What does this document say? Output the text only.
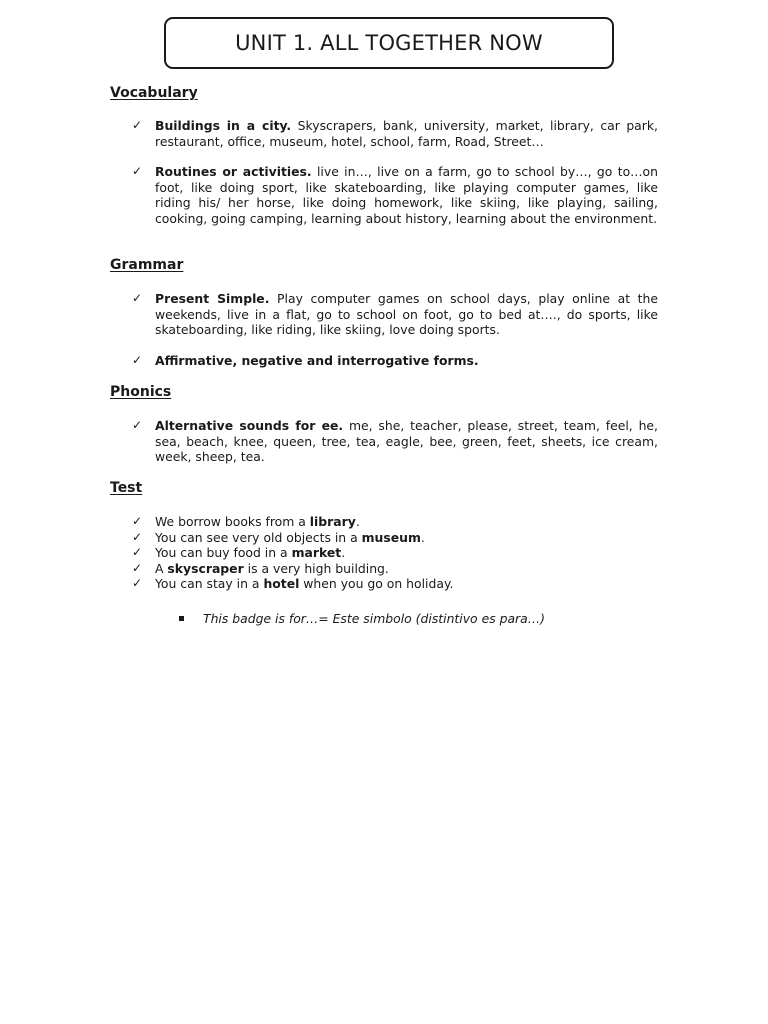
UNIT 1. ALL TOGETHER NOW
Vocabulary
✓	Buildings in a city. Skyscrapers, bank, university, market, library, car park, restaurant, office, museum, hotel, school, farm, Road, Street…
✓	Routines or activities. live in…, live on a farm, go to school by…, go to…on foot, like doing sport, like skateboarding, like playing computer games, like riding his/ her horse, like doing homework, like skiing, like playing, sailing, cooking, going camping, learning about history, learning about the environment.
Grammar
✓	Present Simple. Play computer games on school days, play online at the weekends, live in a flat, go to school on foot, go to bed at…., do sports, like skateboarding, like riding, like skiing, love doing sports.
✓	Affirmative, negative and interrogative forms.
Phonics
✓	Alternative sounds for ee. me, she, teacher, please, street, team, feel, he, sea, beach, knee, queen, tree, tea, eagle, bee, green, feet, sheets, ice cream, week, sheep, tea.
Test
✓	We borrow books from a library.
✓	You can see very old objects in a museum.
✓	You can buy food in a market.
✓	A skyscraper is a very high building.
✓	You can stay in a hotel when you go on holiday.
This badge is for…= Este simbolo (distintivo es para…)
